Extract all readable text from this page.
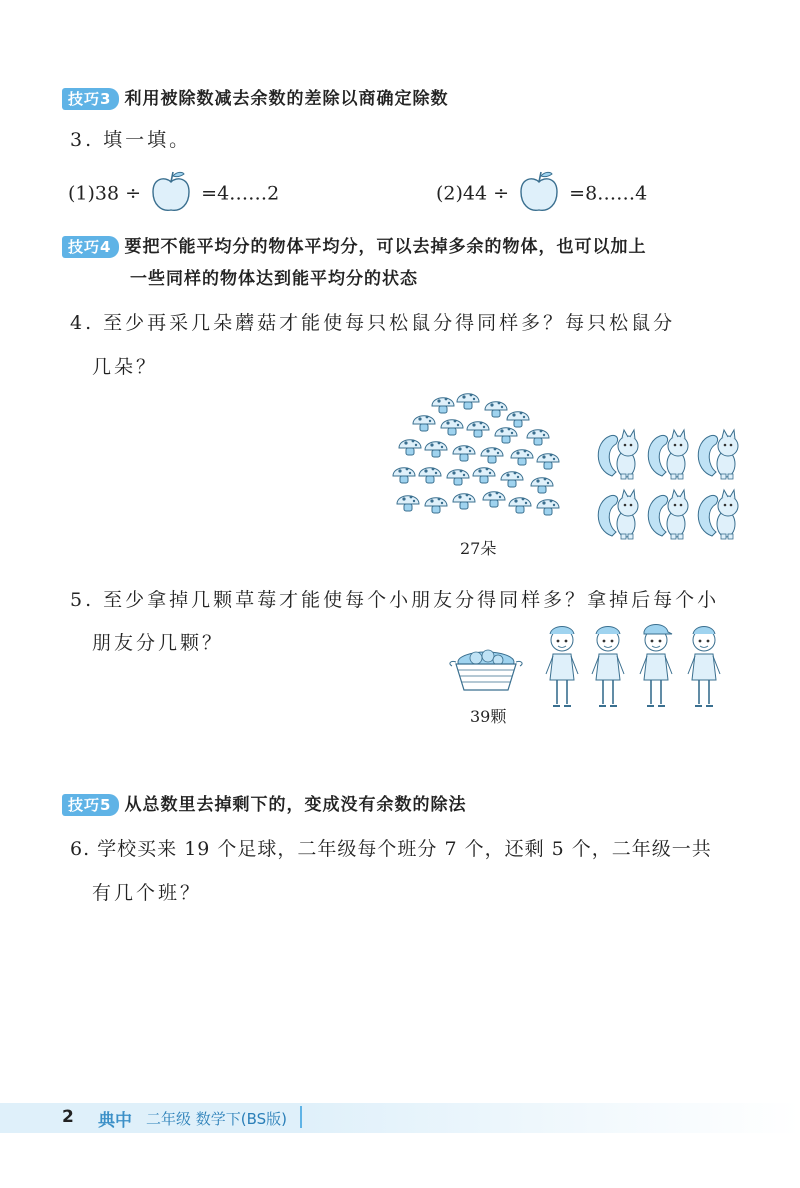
技巧3 利用被除数减去余数的差除以商确定除数
3. 填一填。
(1)38 ÷	=4……2	(2)44 ÷	=8……4
技巧4 要把不能平均分的物体平均分，可以去掉多余的物体，也可以加上
一些同样的物体达到能平均分的状态
4. 至少再采几朵蘑菇才能使每只松鼠分得同样多？每只松鼠分
几朵？
27朵
5. 至少拿掉几颗草莓才能使每个小朋友分得同样多？拿掉后每个小
朋友分几颗？
39颗
技巧5 从总数里去掉剩下的，变成没有余数的除法
6. 学校买来 19 个足球，二年级每个班分 7 个，还剩 5 个，二年级一共
有几个班？
2 典中 二年级 数学下(BS版)
